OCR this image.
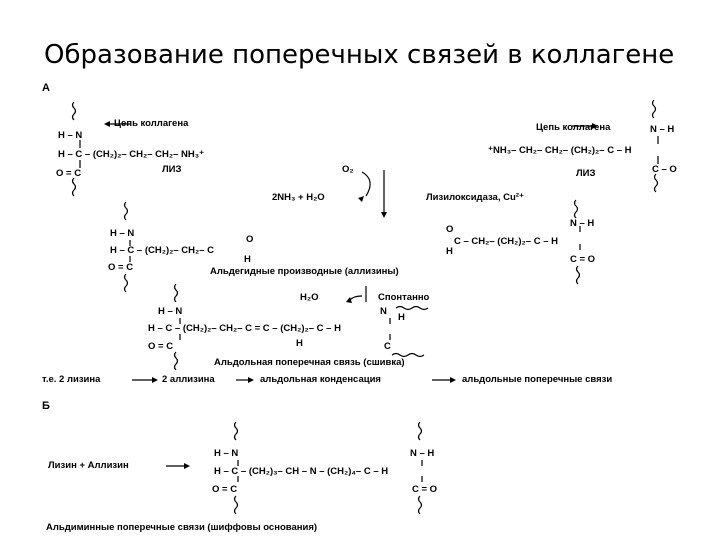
Образование поперечных связей в коллагене
А
Цепь коллагена
H – N
H – C – (CH₂)₂– CH₂– CH₂– NH₃⁺
O = C	ЛИЗ
Цепь коллагена	N – H
⁺NH₃– CH₂– CH₂– (CH₂)₂– C – H
C – O
ЛИЗ
O₂
2NH₃ + H₂O	Лизилоксидаза, Cu²⁺
H – N
H – C – (CH₂)₂– CH₂– C
O
H
O = C
N – H
C – CH₂– (CH₂)₂– C – H
O
H
C = O
Альдегидные производные (аллизины)
H₂O	Спонтанно
H – N	N
H
H – C – (CH₂)₂– CH₂– C = C – (CH₂)₂– C – H
H
O = C	C
Альдольная поперечная связь (сшивка)
т.е. 2 лизина	2 аллизина	альдольная конденсация	альдольные поперечные связи
Б
Лизин + Аллизин
H – N	N – H
H – C – (CH₂)₃– CH – N – (CH₂)₄– C – H
O = C	C = O
Альдиминные поперечные связи (шиффовы основания)
